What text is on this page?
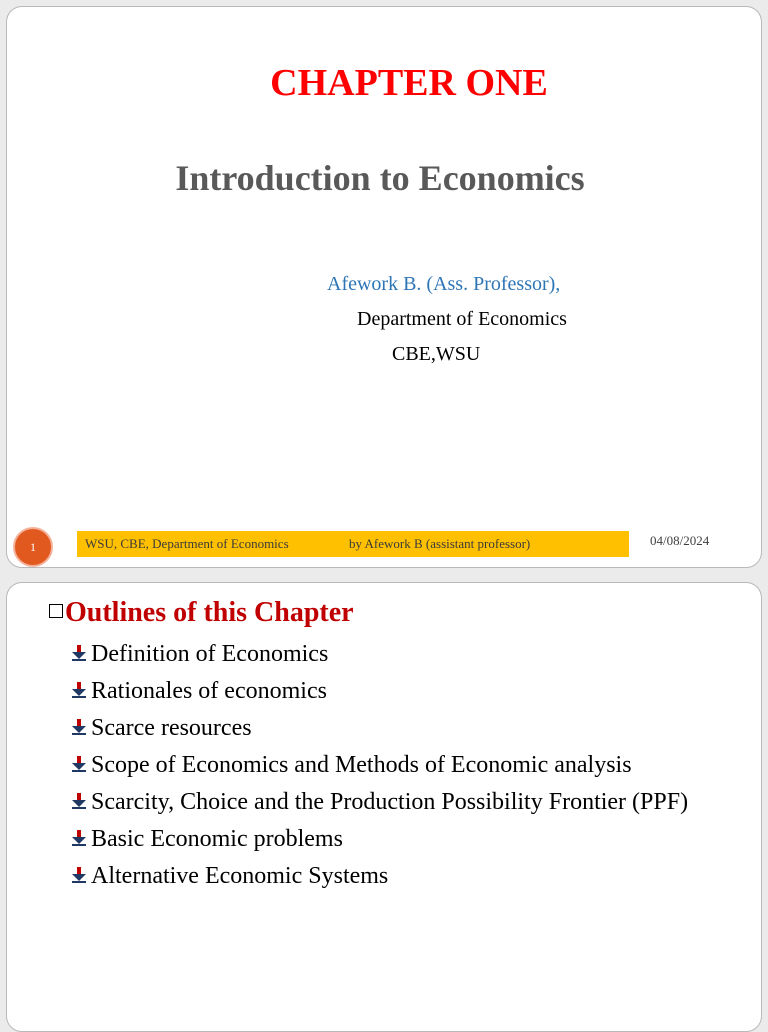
CHAPTER ONE
Introduction to Economics
Afework B. (Ass. Professor),
Department of Economics
CBE,WSU
1	WSU, CBE, Department of Economics	by Afework B (assistant professor)	04/08/2024
Outlines of this Chapter
Definition of Economics
Rationales of economics
Scarce resources
Scope of Economics and Methods of Economic analysis
Scarcity, Choice and the Production Possibility Frontier (PPF)
Basic Economic problems
Alternative Economic Systems
